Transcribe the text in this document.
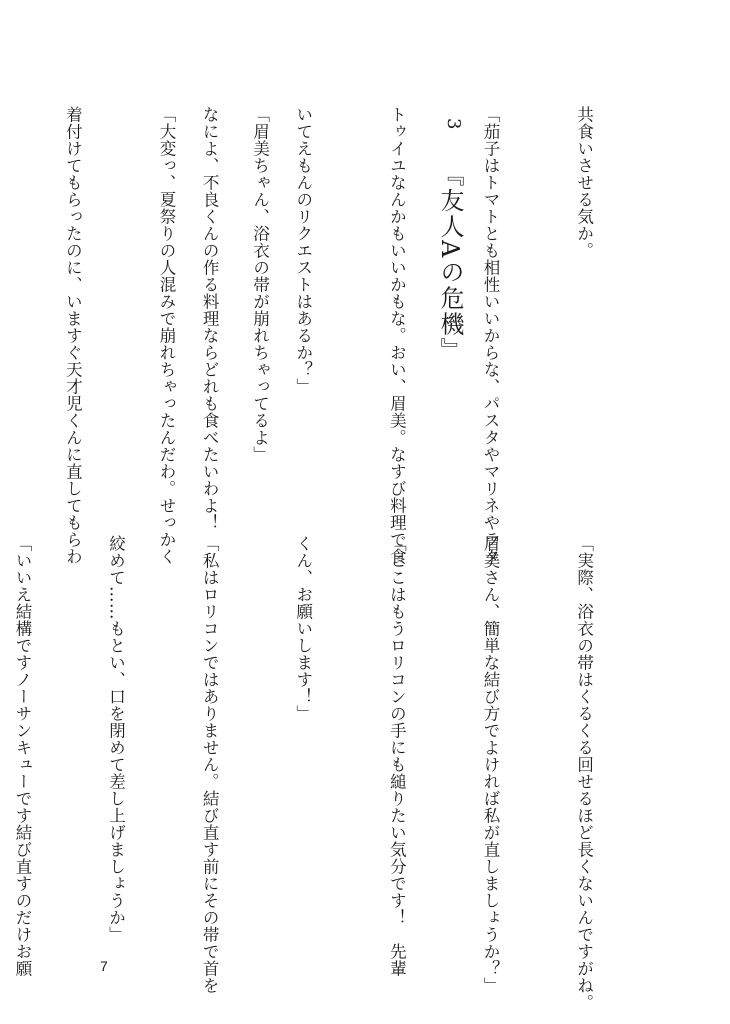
共食いさせる気か。

「茄子はトマトとも相性いいからな、パスタやマリネやラタ

トゥイユなんかもいいかもな。おい、眉美。なすび料理で食

いてえもんのリクエストはあるか？」

なによ、不良くんの作る料理ならどれも食べたいわよ！	3
『友人Aの危機』

「実際、浴衣の帯はくるくる回せるほど長くないんですがね。

眉美さん、簡単な結び方でよければ私が直しましょうか？」

「ここはもうロリコンの手にも縋りたい気分です！　先輩

くん、お願いします！」

「私はロリコンではありません。結び直す前にその帯で首を

絞めて……もとい、口を閉めて差し上げましょうか」

「いいえ結構ですノーサンキューです結び直すのだけお願

「眉美ちゃん、浴衣の帯が崩れちゃってるよ」

「大変っ、夏祭りの人混みで崩れちゃったんだわ。せっかく

着付けてもらったのに、いますぐ天才児くんに直してもらわ

7
